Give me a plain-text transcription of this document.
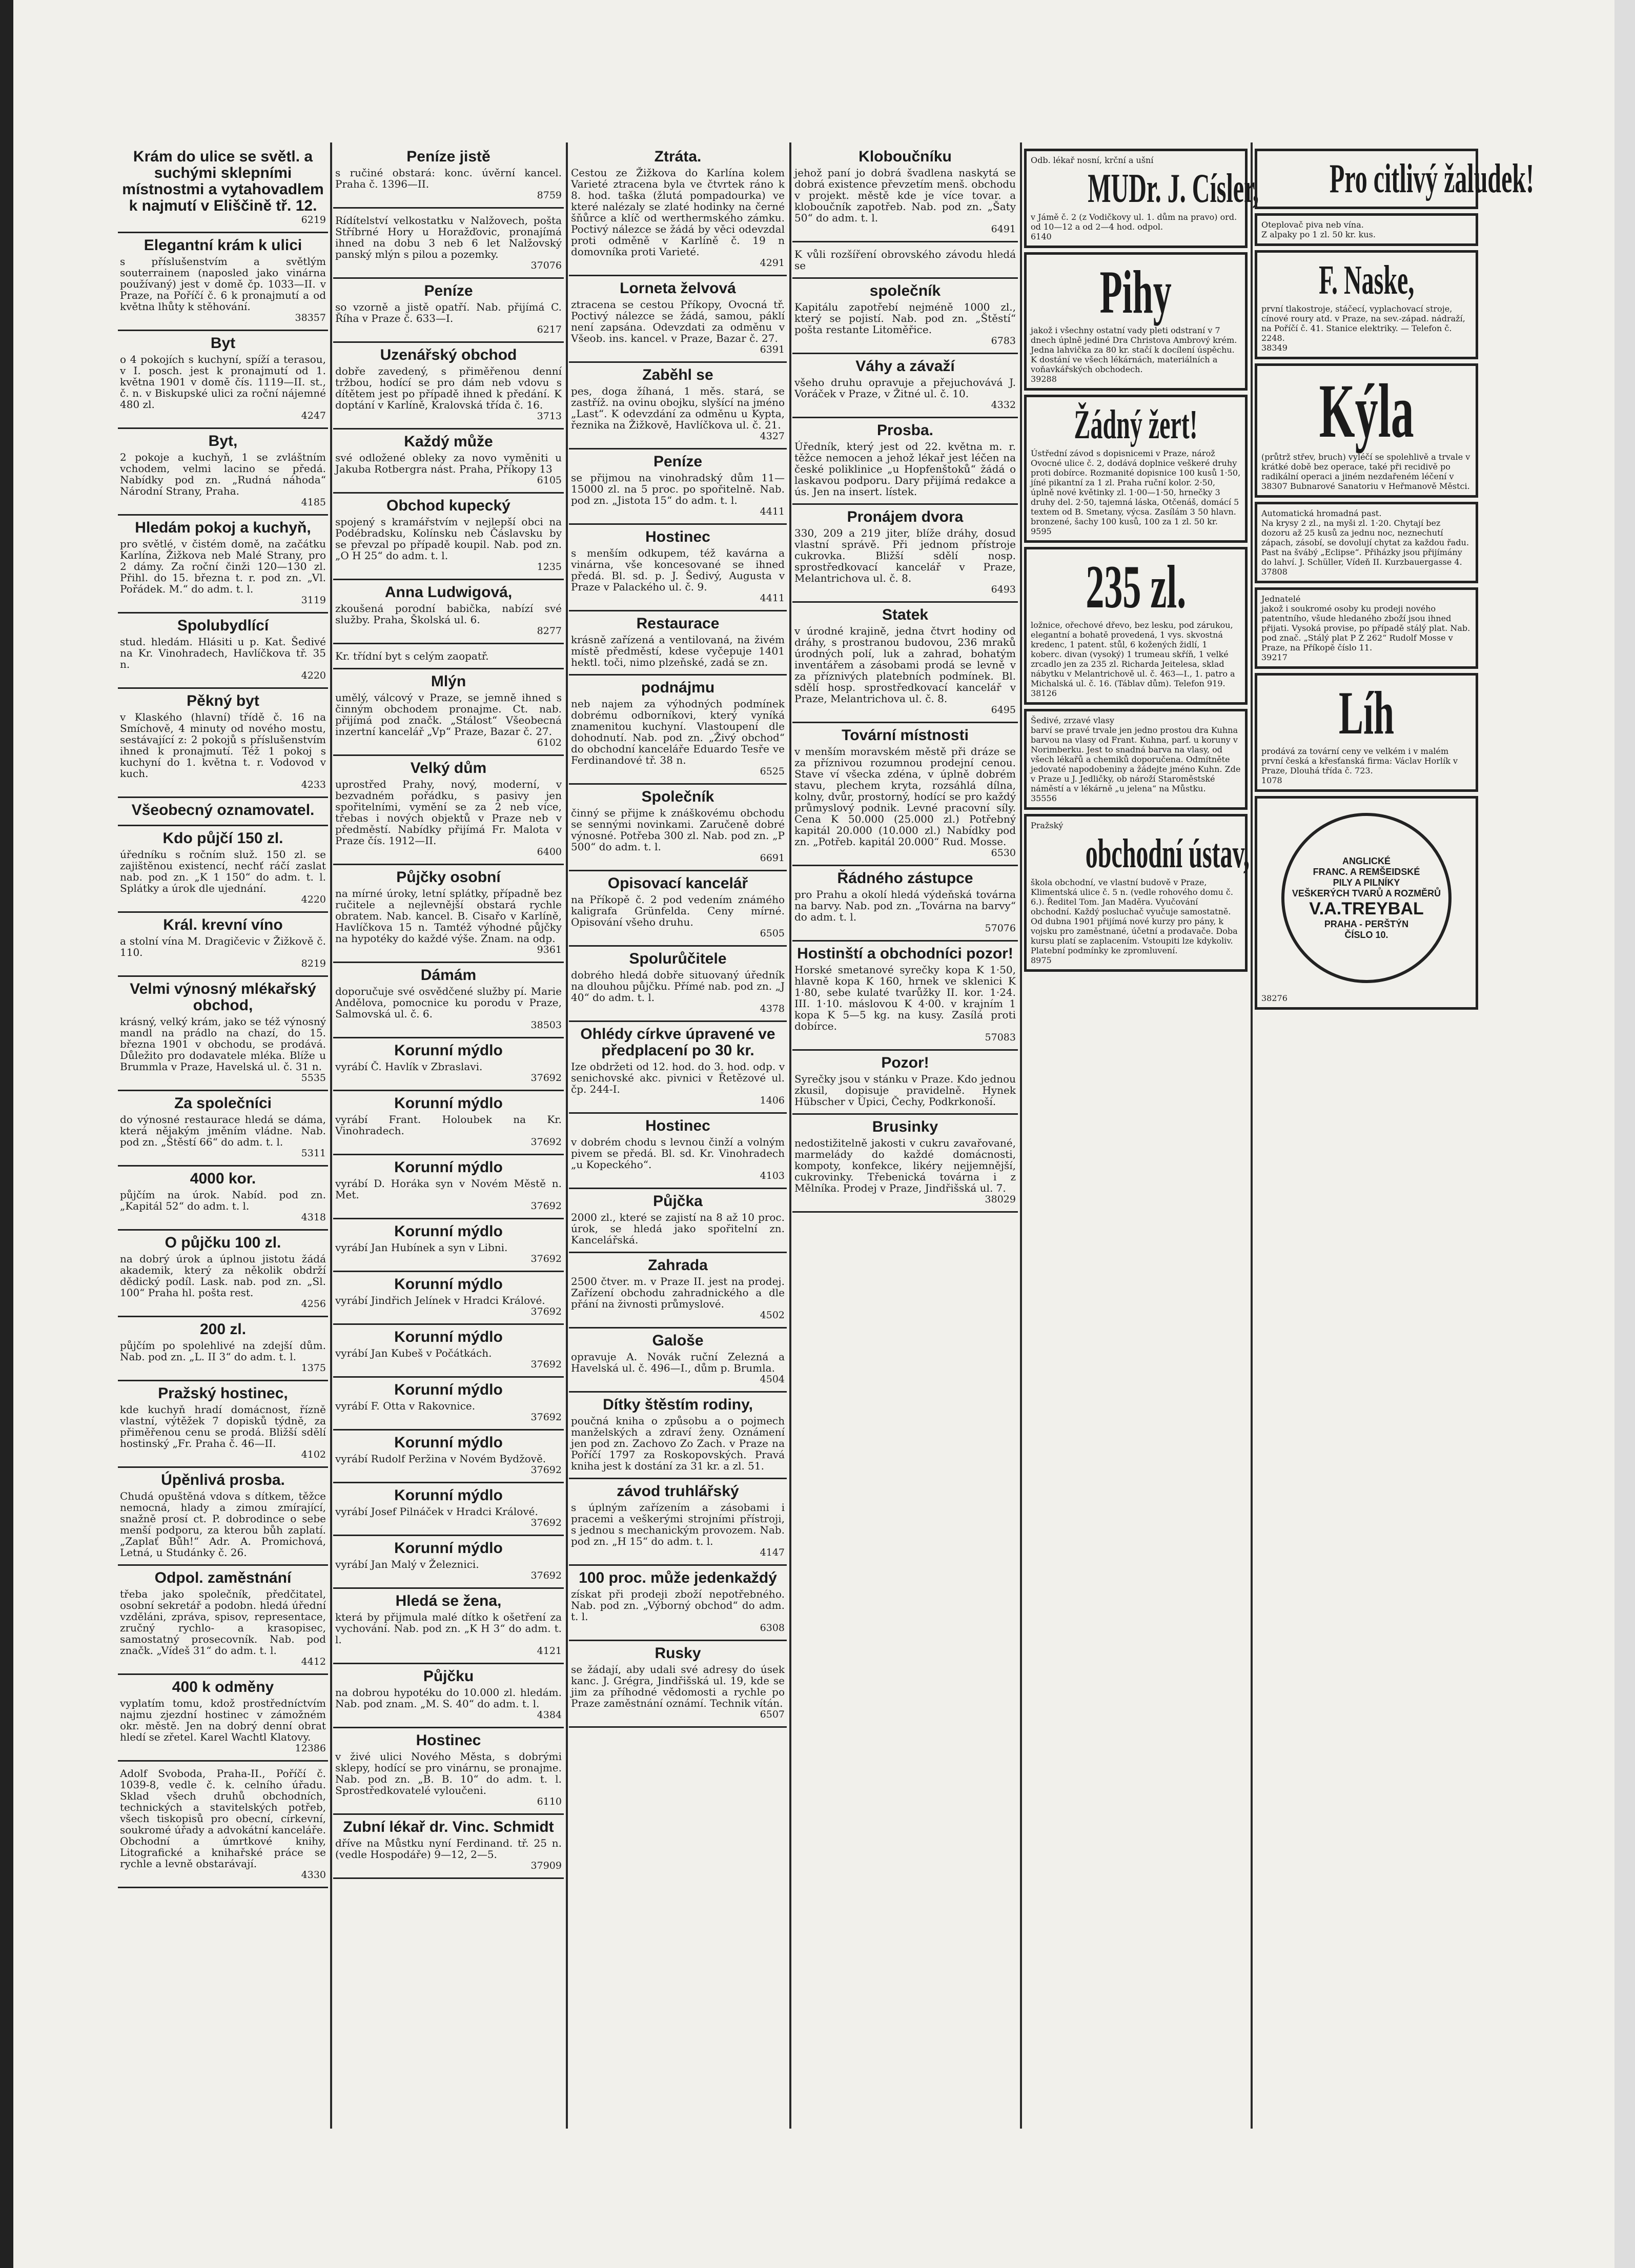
Krám do ulice se světl. a suchými sklepními místnostmi a vytahovadlem k najmutí v Eliščině tř. 12.
6219
Elegantní krám k ulici
s příslušenstvím a světlým souterrainem (naposled jako vinárna používaný) jest v domě čp. 1033—II. v Praze, na Poříčí č. 6 k pronajmutí a od května lhůty k stěhování.
38357
Byt
o 4 pokojích s kuchyní, spíží a terasou, v I. posch. jest k pronajmutí od 1. května 1901 v domě čís. 1119—II. st., č. n. v Biskupské ulici za roční nájemné 480 zl.
4247
Byt,
2 pokoje a kuchyň, 1 se zvláštním vchodem, velmi lacino se předá. Nabídky pod zn. „Rudná náhoda“ Národní Strany, Praha.
4185
Hledám pokoj a kuchyň,
pro světlé, v čistém domě, na začátku Karlína, Žižkova neb Malé Strany, pro 2 dámy. Za roční činži 120—130 zl. Přihl. do 15. března t. r. pod zn. „Vl. Pořádek. M.“ do adm. t. l.
3119
Spolubydlící
stud. hledám. Hlásiti u p. Kat. Šedivé na Kr. Vinohradech, Havlíčkova tř. 35 n.
4220
Pěkný byt
v Klaského (hlavní) třídě č. 16 na Smíchově, 4 minuty od nového mostu, sestávající z: 2 pokojů s příslušenstvím ihned k pronajmutí. Též 1 pokoj s kuchyní do 1. května t. r. Vodovod v kuch.
4233
Všeobecný oznamovatel.
Kdo půjčí 150 zl.
úředníku s ročním služ. 150 zl. se zajištěnou existencí, nechť ráčí zaslat nab. pod zn. „K 1 150“ do adm. t. l. Splátky a úrok dle ujednání.
4220
Král. krevní víno
a stolní vína M. Dragičevic v Žižkově č. 110.
8219
Velmi výnosný mlékařský obchod,
krásný, velký krám, jako se též výnosný mandl na prádlo na chazí, do 15. března 1901 v obchodu, se prodává. Důležito pro dodavatele mléka. Blíže u Brummla v Praze, Havelská ul. č. 31 n.
5535
Za společníci
do výnosné restaurace hledá se dáma, která nějakým jměním vládne. Nab. pod zn. „Štěstí 66“ do adm. t. l.
5311
4000 kor.
půjčím na úrok. Nabíd. pod zn. „Kapitál 52“ do adm. t. l.
4318
O půjčku 100 zl.
na dobrý úrok a úplnou jistotu žádá akademik, který za několik obdrží dědický podíl. Lask. nab. pod zn. „Sl. 100“ Praha hl. pošta rest.
4256
200 zl.
půjčím po spolehlivé na zdejší dům. Nab. pod zn. „L. II 3“ do adm. t. l.
1375
Pražský hostinec,
kde kuchyň hradí domácnost, řízně vlastní, výtěžek 7 dopisků týdně, za přiměřenou cenu se prodá. Bližší sdělí hostinský „Fr. Praha č. 46—II.
4102
Úpěnlivá prosba.
Chudá opuštěná vdova s dítkem, těžce nemocná, hlady a zimou zmírající, snažně prosí ct. P. dobrodince o sebe menší podporu, za kterou bůh zaplatí. „Zaplať Bůh!“ Adr. A. Promichová, Letná, u Studánky č. 26.
Odpol. zaměstnání
třeba jako společník, předčitatel, osobní sekretář a podobn. hledá úřední vzděláni, zpráva, spisov, representace, zručný rychlo- a krasopisec, samostatný prosecovník. Nab. pod značk. „Vídeš 31“ do adm. t. l.
4412
400 k odměny
vyplatím tomu, kdož prostředníctvím najmu zjezdní hostinec v zámožném okr. městě. Jen na dobrý denní obrat hledí se zřetel. Karel Wachtl Klatovy.
12386
Adolf Svoboda, Praha-II., Poříčí č. 1039-8, vedle č. k. celního úřadu. Sklad všech druhů obchodních, technických a stavitelských potřeb, všech tiskopisů pro obecní, církevní, soukromé úřady a advokátní kanceláře. Obchodní a úmrtkové knihy, Litografické a knihařské práce se rychle a levně obstarávají.
4330
Peníze jistě
s ručiné obstará: konc. úvěrní kancel. Praha č. 1396—II.
8759
Rídítelství velkostatku v Nalžovech, pošta Stříbrné Hory u Horažďovic, pronajímá ihned na dobu 3 neb 6 let Nalžovský panský mlýn s pilou a pozemky.
37076
Peníze
so vzorně a jistě opatří. Nab. přijímá C. Říha v Praze č. 633—I.
6217
Uzenářský obchod
dobře zavedený, s přiměřenou denní tržbou, hodící se pro dám neb vdovu s dítětem jest po případě ihned k předání. K doptání v Karlíně, Kralovská třída č. 16.
3713
Každý může
své odložené obleky za novo vyměniti u Jakuba Rotbergra nást. Praha, Příkopy 13
6105
Obchod kupecký
spojený s kramářstvím v nejlepší obci na Podébradsku, Kolínsku neb Čáslavsku by se převzal po případě koupil. Nab. pod zn. „O H 25“ do adm. t. l.
1235
Anna Ludwigová,
zkoušená porodní babička, nabízí své služby. Praha, Školská ul. 6.
8277
Kr. třídní byt s celým zaopatř.
Mlýn
umělý, válcový v Praze, se jemně ihned s činným obchodem pronajme. Ct. nab. přijímá pod značk. „Stálost“ Všeobecná inzertní kancelář „Vp“ Praze, Bazar č. 27.
6102
Velký dům
uprostřed Prahy, nový, moderní, v bezvadném pořádku, s pasivy jen spořitelními, vymění se za 2 neb více, třebas i nových objektů v Praze neb v předměstí. Nabídky přijímá Fr. Malota v Praze čís. 1912—II.
6400
Půjčky osobní
na mírné úroky, letní splátky, případně bez ručitele a nejlevnější obstará rychle obratem. Nab. kancel. B. Cisařo v Karlíně, Havlíčkova 15 n. Tamtéž výhodné půjčky na hypotéky do každé výše. Znam. na odp.
9361
Dámám
doporučuje své osvědčené služby pí. Marie Andělova, pomocnice ku porodu v Praze, Salmovská ul. č. 6.
38503
Korunní mýdlo
vyrábí Č. Havlík v Zbraslavi.
37692
Korunní mýdlo
vyrábí Frant. Holoubek na Kr. Vinohradech.
37692
Korunní mýdlo
vyrábí D. Horáka syn v Novém Městě n. Met.
37692
Korunní mýdlo
vyrábí Jan Hubínek a syn v Libni.
37692
Korunní mýdlo
vyrábí Jindřich Jelínek v Hradci Králové.
37692
Korunní mýdlo
vyrábí Jan Kubeš v Počátkách.
37692
Korunní mýdlo
vyrábí F. Otta v Rakovnice.
37692
Korunní mýdlo
vyrábí Rudolf Peržina v Novém Bydžově.
37692
Korunní mýdlo
vyrábí Josef Pilnáček v Hradci Králové.
37692
Korunní mýdlo
vyrábí Jan Malý v Železnici.
37692
Hledá se žena,
která by přijmula malé dítko k ošetření za vychování. Nab. pod zn. „K H 3“ do adm. t. l.
4121
Půjčku
na dobrou hypotéku do 10.000 zl. hledám. Nab. pod znam. „M. S. 40“ do adm. t. l.
4384
Hostinec
v živé ulici Nového Města, s dobrými sklepy, hodící se pro vinárnu, se pronajme. Nab. pod zn. „B. B. 10“ do adm. t. l. Sprostředkovatelé vyloučeni.
6110
Zubní lékař dr. Vinc. Schmidt
dříve na Můstku nyní Ferdinand. tř. 25 n. (vedle Hospodáře) 9—12, 2—5.
37909
Ztráta.
Cestou ze Žižkova do Karlína kolem Varieté ztracena byla ve čtvrtek ráno k 8. hod. taška (žlutá pompadourka) ve které nalézaly se zlaté hodinky na černé šňůrce a klíč od werthermského zámku. Poctivý nálezce se žádá by věci odevzdal proti odměně v Karlíně č. 19 n domovníka proti Varieté.
4291
Lorneta želvová
ztracena se cestou Příkopy, Ovocná tř. Poctivý nálezce se žádá, samou, páklí není zapsána. Odevzdati za odměnu v Všeob. ins. kancel. v Praze, Bazar č. 27.
6391
Zaběhl se
pes, doga žíhaná, 1 měs. stará, se zastříž. na ovinu obojku, slyšící na jméno „Last“. K odevzdání za odměnu u Kypta, řeznika na Žižkově, Havlíčkova ul. č. 21.
4327
Peníze
se přijmou na vinohradský dům 11—15000 zl. na 5 proc. po spořitelně. Nab. pod zn. „Jistota 15“ do adm. t. l.
4411
Hostinec
s menším odkupem, též kavárna a vinárna, vše koncesované se ihned předá. Bl. sd. p. J. Šedivý, Augusta v Praze v Palackého ul. č. 9.
4411
Restaurace
krásně zařízená a ventilovaná, na živém místě předměstí, kdese vyčepuje 1401 hektl. toči, nimo plzeňské, zadá se zn.
podnájmu
neb najem za výhodných podmínek dobrému odborníkovi, který vyníká znamenitou kuchyní. Vlastoupení dle dohodnutí. Nab. pod zn. „Živý obchod“ do obchodní kanceláře Eduardo Tesře ve Ferdinandové tř. 38 n.
6525
Společník
činný se přijme k znáškovému obchodu se sennými novinkami. Zaručeně dobré výnosné. Potřeba 300 zl. Nab. pod zn. „P 500“ do adm. t. l.
6691
Opisovací kancelář
na Příkopě č. 2 pod vedením známého kaligrafa Grünfelda. Ceny mírné. Opisování všeho druhu.
6505
Spolurůčitele
dobrého hledá dobře situovaný úředník na dlouhou půjčku. Přímé nab. pod zn. „J 40“ do adm. t. l.
4378
Ohlédy církve úpravené ve předplacení po 30 kr.
Ize obdržeti od 12. hod. do 3. hod. odp. v senichovské akc. pivnici v Řetězové ul. čp. 244-I.
1406
Hostinec
v dobrém chodu s levnou činží a volným pivem se předá. Bl. sd. Kr. Vinohradech „u Kopeckého“.
4103
Půjčka
2000 zl., které se zajistí na 8 až 10 proc. úrok, se hledá jako spořitelní zn. Kancelářská.
Zahrada
2500 čtver. m. v Praze II. jest na prodej. Zařízení obchodu zahradnického a dle přání na živnosti průmyslové.
4502
Galoše
opravuje A. Novák ruční Zelezná a Havelská ul. č. 496—I., dům p. Brumla.
4504
Dítky štěstím rodiny,
poučná kniha o způsobu a o pojmech manželských a zdraví ženy. Oznámení jen pod zn. Zachovo Zo Zach. v Praze na Poříčí 1797 za Roskopovských. Pravá kniha jest k dostání za 31 kr. a zl. 51.
závod truhlářský
s úplným zařízením a zásobami i pracemi a veškerými strojními přístroji, s jednou s mechanickým provozem. Nab. pod zn. „H 15“ do adm. t. l.
4147
100 proc. může jedenkaždý
získat při prodeji zboží nepotřebného. Nab. pod zn. „Výborný obchod“ do adm. t. l.
6308
Rusky
se žádají, aby udali své adresy do úsek kanc. J. Grégra, Jindřišská ul. 19, kde se jim za příhodné vědomosti a rychle po Praze zaměstnání oznámí. Technik vítán.
6507
Kloboučníku
jehož paní jo dobrá švadlena naskytá se dobrá existence převzetím menš. obchodu v projekt. městě kde je více tovar. a kloboučník zapotřeb. Nab. pod zn. „Šaty 50“ do adm. t. l.
6491
K vůli rozšíření obrovského závodu hledá se
společník
Kapitálu zapotřebí nejméně 1000 zl., který se pojistí. Nab. pod zn. „Štěstí“ pošta restante Litoměřice.
6783
Váhy a závaží
všeho druhu opravuje a přejuchovává J. Voráček v Praze, v Žitné ul. č. 10.
4332
Prosba.
Úředník, který jest od 22. května m. r. těžce nemocen a jehož lékař jest léčen na české poliklinice „u Hopfenštoků“ žádá o laskavou podporu. Dary přijímá redakce a ús. Jen na insert. lístek.
Pronájem dvora
330, 209 a 219 jiter, blíže dráhy, dosud vlastní správě. Při jednom přístroje cukrovka. Bližší sdělí nosp. sprostředkovací kancelář v Praze, Melantrichova ul. č. 8.
6493
Statek
v úrodné krajině, jedna čtvrt hodiny od dráhy, s prostranou budovou, 236 mraků úrodných polí, luk a zahrad, bohatým inventářem a zásobami prodá se levně v za příznivých platebních podmínek. Bl. sdělí hosp. sprostředkovací kancelář v Praze, Melantrichova ul. č. 8.
6495
Tovární místnosti
v menším moravském městě při dráze se za příznivou rozumnou prodejní cenou. Stave ví všecka zdéna, v úplně dobrém stavu, plechem kryta, rozsáhlá dílna, kolny, dvůr, prostorný, hodící se pro každý průmyslový podnik. Levné pracovní síly. Cena K 50.000 (25.000 zl.) Potřebný kapitál 20.000 (10.000 zl.) Nabídky pod zn. „Potřeb. kapitál 20.000“ Rud. Mosse.
6530
Řádného zástupce
pro Prahu a okolí hledá výdeňská továrna na barvy. Nab. pod zn. „Továrna na barvy“ do adm. t. l.
57076
Hostinští a obchodníci pozor!
Horské smetanové syrečky kopa K 1·50, hlavně kopa K 160, hrnek ve sklenici K 1·80, sebe kulaté tvarůžky II. kor. 1·24. III. 1·10. máslovou K 4·00. v krajním 1 kopa K 5—5 kg. na kusy. Zasílá proti dobírce.
57083
Pozor!
Syrečky jsou v stánku v Praze. Kdo jednou zkusil, dopisuje pravidelně. Hynek Hübscher v Úpici, Čechy, Podkrkonoší.
Brusinky
nedostižitelně jakosti v cukru zavařované, marmelády do každé domácnosti, kompoty, konfekce, likéry nejjemnější, cukrovinky. Třebenická továrna i z Mělníka. Prodej v Praze, Jindřišská ul. 7.
38029
Odb. lékař nosní, krční a ušní
MUDr. J. Císler,
v Jámě č. 2 (z Vodičkovy ul. 1. dům na pravo) ord. od 10—12 a od 2—4 hod. odpol.
6140
Pihy
jakož i všechny ostatní vady pleti odstraní v 7 dnech úplně jediné Dra Christova Ambrový krém. Jedna lahvička za 80 kr. stačí k docílení úspěchu. K dostání ve všech lékárnách, materiálních a voňavkářských obchodech.
39288
Žádný žert!
Ústřední závod s dopisnicemi v Praze, nárož Ovocné ulice č. 2, dodává doplnice veškeré druhy proti dobírce. Rozmanité dopisnice 100 kusů 1·50, jíné pikantní za 1 zl. Praha ruční kolor. 2·50, úplně nové květinky zl. 1·00—1·50, hrnečky 3 druhy del. 2·50, tajemná láska, Otčenáš, domácí 5 textem od B. Smetany, výcsa. Zasílám 3 50 hlavn. bronzené, šachy 100 kusů, 100 za 1 zl. 50 kr.
9595
235 zl.
ložnice, ořechové dřevo, bez lesku, pod zárukou, elegantní a bohatě provedená, 1 vys. skvostná kredenc, 1 patent. stůl, 6 kožených židlí, 1 koberc. divan (vysoký) 1 trumeau skříň, 1 velké zrcadlo jen za 235 zl. Richarda Jeitelesa, sklad nábytku v Melantrichově ul. č. 463—I., 1. patro a Michalská ul. č. 16. (Táblav dům). Telefon 919.
38126
Šedivé, zrzavé vlasy
barví se pravé trvale jen jedno prostou dra Kuhna barvou na vlasy od Frant. Kuhna, parf. u koruny v Norimberku. Jest to snadná barva na vlasy, od všech lékařů a chemiků doporučena. Odmítněte jedovaté napodobeniny a žádejte jméno Kuhn. Zde v Praze u J. Jedličky, ob nároží Staroměstské náměstí a v lékárně „u jelena“ na Můstku.
35556
Pražský
obchodní ústav,
škola obchodní, ve vlastní budově v Praze, Klimentská ulice č. 5 n. (vedle rohového domu č. 6.). Ředitel Tom. Jan Maděra. Vyučování obchodní. Každý posluchač vyučuje samostatně. Od dubna 1901 přijímá nové kurzy pro pány, k vojsku pro zaměstnané, účetní a prodavače. Doba kursu platí se zaplacením. Vstoupiti lze kdykoliv. Platební podmínky ke zpromluvení.
8975
Pro citlivý žaludek!
Oteplovač piva neb vína.
Z alpaky po 1 zl. 50 kr. kus.
F. Naske,
první tlakostroje, stáčecí, vyplachovací stroje, cínové roury atd. v Praze, na sev.-západ. nádraží, na Poříčí č. 41. Stanice elektriky. — Telefon č. 2248.
38349
Kýla
(průtrž střev, bruch) vyléčí se spolehlivě a trvale v krátké době bez operace, také při recidivě po radikální operaci a jiném nezdařeném léčení v 38307 Bubnarové Sanatoriu v Heřmanově Městci.
Automatická hromadná past.
Na krysy 2 zl., na myši zl. 1·20. Chytají bez dozoru až 25 kusů za jednu noc, neznechutí zápach, zásobí, se dovolují chytat za každou řadu. Past na švábý „Eclipse“. Přiházky jsou přijímány do lahví. J. Schüller, Vídeň II. Kurzbauergasse 4.
37808
Jednatelé
jakož i soukromé osoby ku prodeji nového patentního, všude hledaného zboží jsou ihned přijati. Vysoká provise, po případě stálý plat. Nab. pod znač. „Stálý plat P Z 262“ Rudolf Mosse v Praze, na Příkopě číslo 11.
39217
Líh
prodává za tovární ceny ve velkém i v malém první česká a křesťanská firma: Václav Horlík v Praze, Dlouhá třída č. 723.
1078
ANGLICKÉ
FRANC. A REMŠEIDSKÉ
PILY A PILNÍKY
VEŠKERÝCH TVARŮ A ROZMĚRŮ
V.A.TREYBAL
PRAHA - PERŠTÝN
ČÍSLO 10.
38276
